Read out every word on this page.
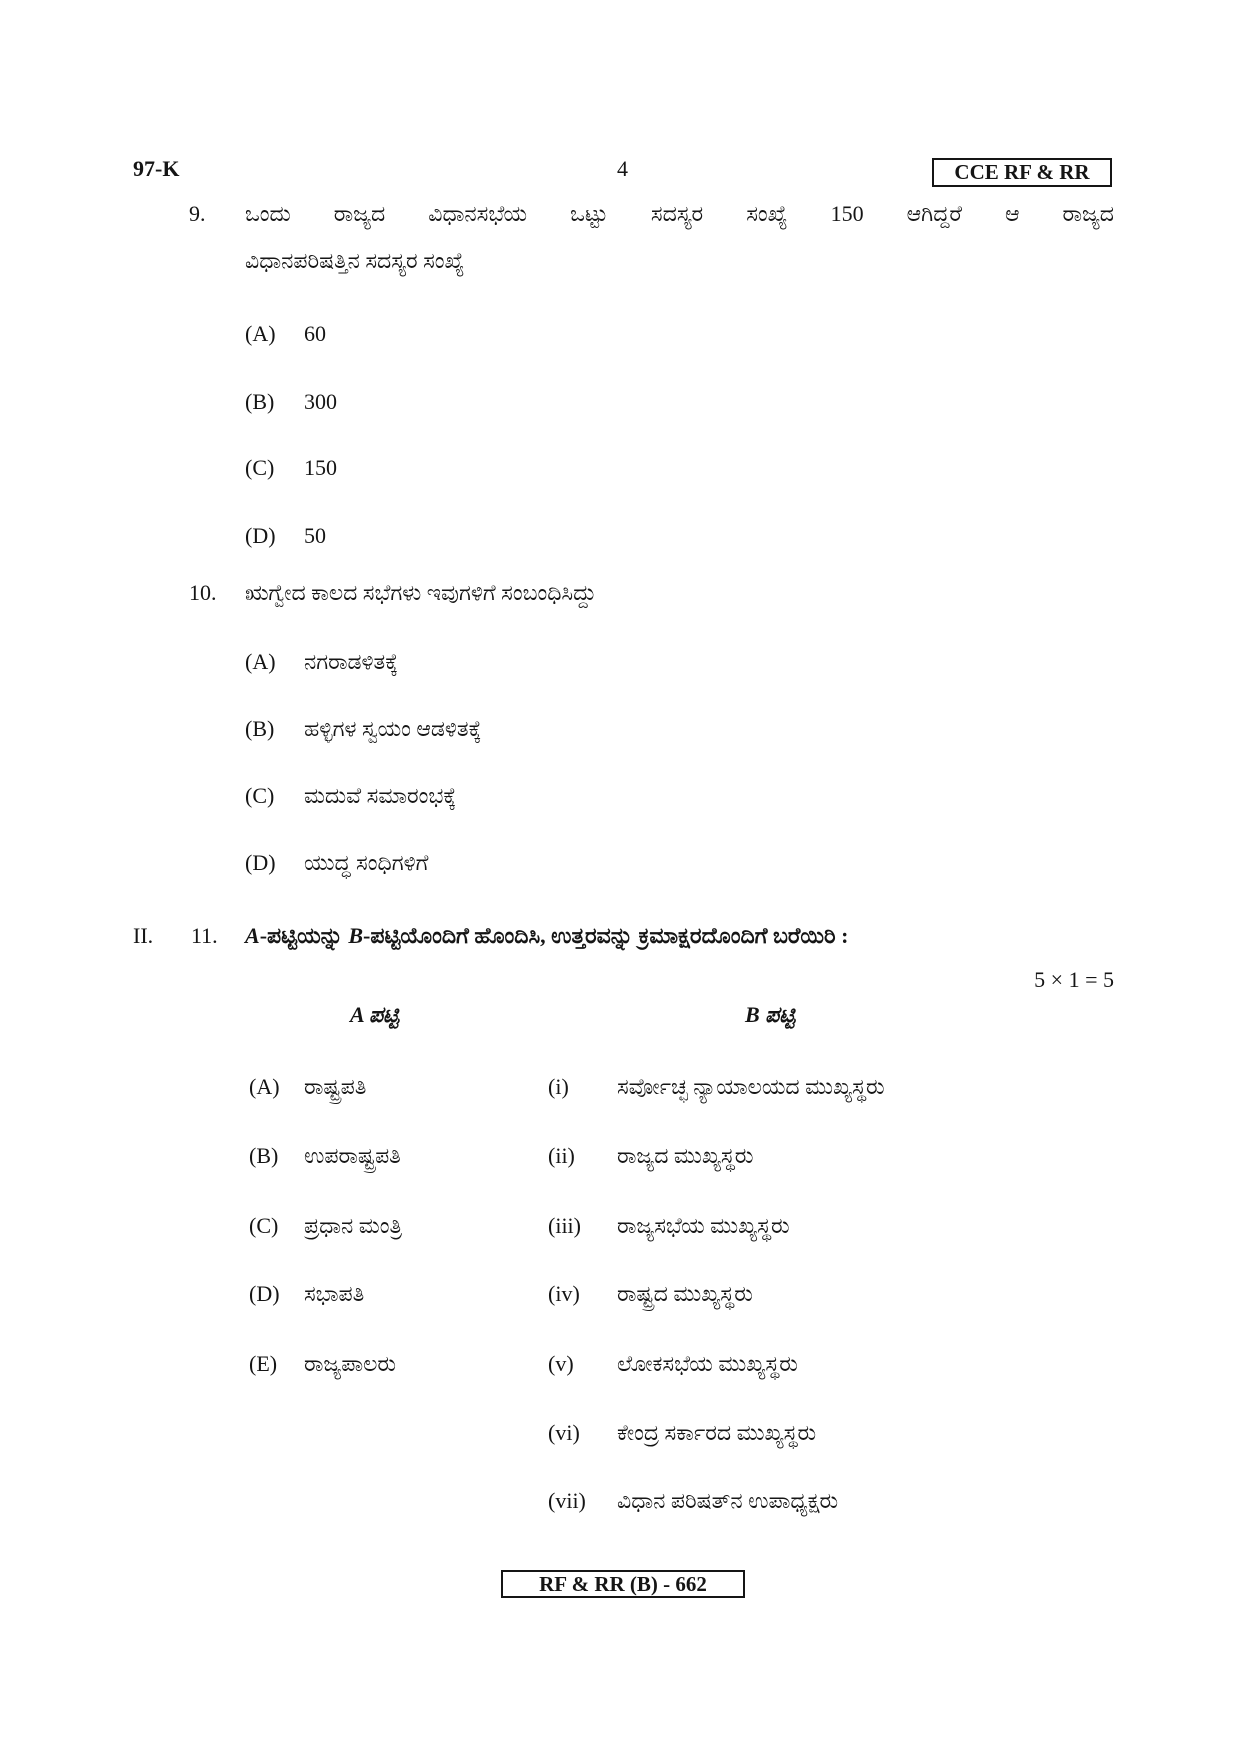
97-K	4	CCE RF & RR
9. ಒಂದು ರಾಜ್ಯದ ವಿಧಾನಸಭೆಯ ಒಟ್ಟು ಸದಸ್ಯರ ಸಂಖ್ಯೆ 150 ಆಗಿದ್ದರೆ ಆ ರಾಜ್ಯದ
ವಿಧಾನಪರಿಷತ್ತಿನ ಸದಸ್ಯರ ಸಂಖ್ಯೆ
(A) 60
(B) 300
(C) 150
(D) 50
10. ಋಗ್ವೇದ ಕಾಲದ ಸಭೆಗಳು ಇವುಗಳಿಗೆ ಸಂಬಂಧಿಸಿದ್ದು
(A) ನಗರಾಡಳಿತಕ್ಕೆ
(B) ಹಳ್ಳಿಗಳ ಸ್ವಯಂ ಆಡಳಿತಕ್ಕೆ
(C) ಮದುವೆ ಸಮಾರಂಭಕ್ಕೆ
(D) ಯುದ್ಧ ಸಂಧಿಗಳಿಗೆ
II. 11. A-ಪಟ್ಟಿಯನ್ನು B-ಪಟ್ಟಿಯೊಂದಿಗೆ ಹೊಂದಿಸಿ, ಉತ್ತರವನ್ನು ಕ್ರಮಾಕ್ಷರದೊಂದಿಗೆ ಬರೆಯಿರಿ :
5 × 1 = 5
A ಪಟ್ಟಿ	B ಪಟ್ಟಿ
(A) ರಾಷ್ಟ್ರಪತಿ	(i) ಸರ್ವೋಚ್ಛ ನ್ಯಾಯಾಲಯದ ಮುಖ್ಯಸ್ಥರು
(B) ಉಪರಾಷ್ಟ್ರಪತಿ	(ii) ರಾಜ್ಯದ ಮುಖ್ಯಸ್ಥರು
(C) ಪ್ರಧಾನ ಮಂತ್ರಿ	(iii) ರಾಜ್ಯಸಭೆಯ ಮುಖ್ಯಸ್ಥರು
(D) ಸಭಾಪತಿ	(iv) ರಾಷ್ಟ್ರದ ಮುಖ್ಯಸ್ಥರು
(E) ರಾಜ್ಯಪಾಲರು	(v) ಲೋಕಸಭೆಯ ಮುಖ್ಯಸ್ಥರು
(vi) ಕೇಂದ್ರ ಸರ್ಕಾರದ ಮುಖ್ಯಸ್ಥರು
(vii) ವಿಧಾನ ಪರಿಷತ್‌ನ ಉಪಾಧ್ಯಕ್ಷರು
RF & RR (B) - 662
